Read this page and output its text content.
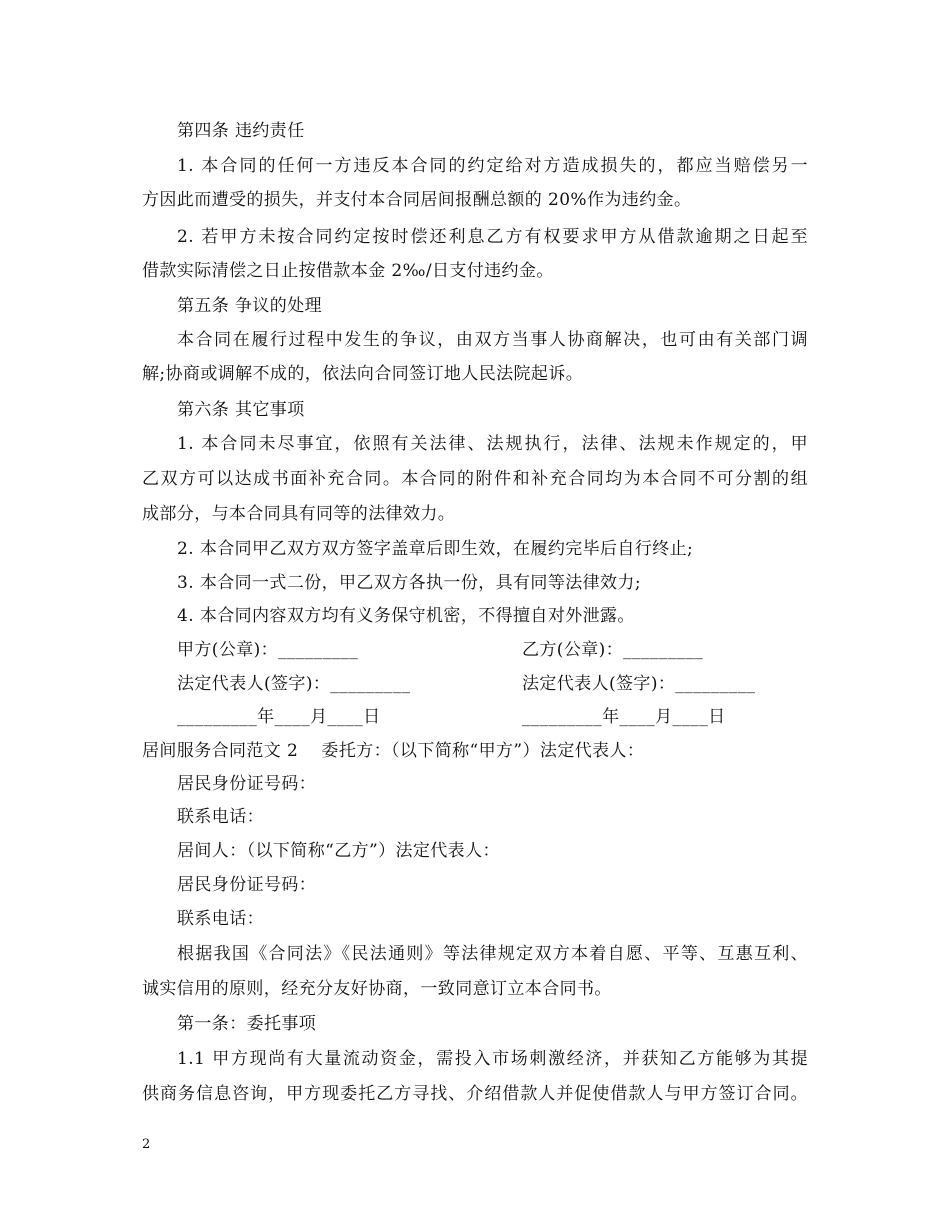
第四条 违约责任
1. 本合同的任何一方违反本合同的约定给对方造成损失的，都应当赔偿另一
方因此而遭受的损失，并支付本合同居间报酬总额的 20%作为违约金。
2. 若甲方未按合同约定按时偿还利息乙方有权要求甲方从借款逾期之日起至
借款实际清偿之日止按借款本金 2‰/日支付违约金。
第五条 争议的处理
本合同在履行过程中发生的争议，由双方当事人协商解决，也可由有关部门调
解;协商或调解不成的，依法向合同签订地人民法院起诉。
第六条 其它事项
1. 本合同未尽事宜，依照有关法律、法规执行，法律、法规未作规定的，甲
乙双方可以达成书面补充合同。本合同的附件和补充合同均为本合同不可分割的组
成部分，与本合同具有同等的法律效力。
2. 本合同甲乙双方双方签字盖章后即生效，在履约完毕后自行终止;
3. 本合同一式二份，甲乙双方各执一份，具有同等法律效力;
4. 本合同内容双方均有义务保守机密，不得擅自对外泄露。
甲方(公章)：_________	乙方(公章)：_________
法定代表人(签字)：_________	法定代表人(签字)：_________
_________年____月____日	_________年____月____日
居间服务合同范文 2    委托方：（以下简称“甲方”）法定代表人：
居民身份证号码：
联系电话：
居间人：（以下简称“乙方”）法定代表人：
居民身份证号码：
联系电话：
根据我国《合同法》《民法通则》等法律规定双方本着自愿、平等、互惠互利、
诚实信用的原则，经充分友好协商，一致同意订立本合同书。
第一条：委托事项
1.1 甲方现尚有大量流动资金，需投入市场刺激经济，并获知乙方能够为其提
供商务信息咨询，甲方现委托乙方寻找、介绍借款人并促使借款人与甲方签订合同。
2
